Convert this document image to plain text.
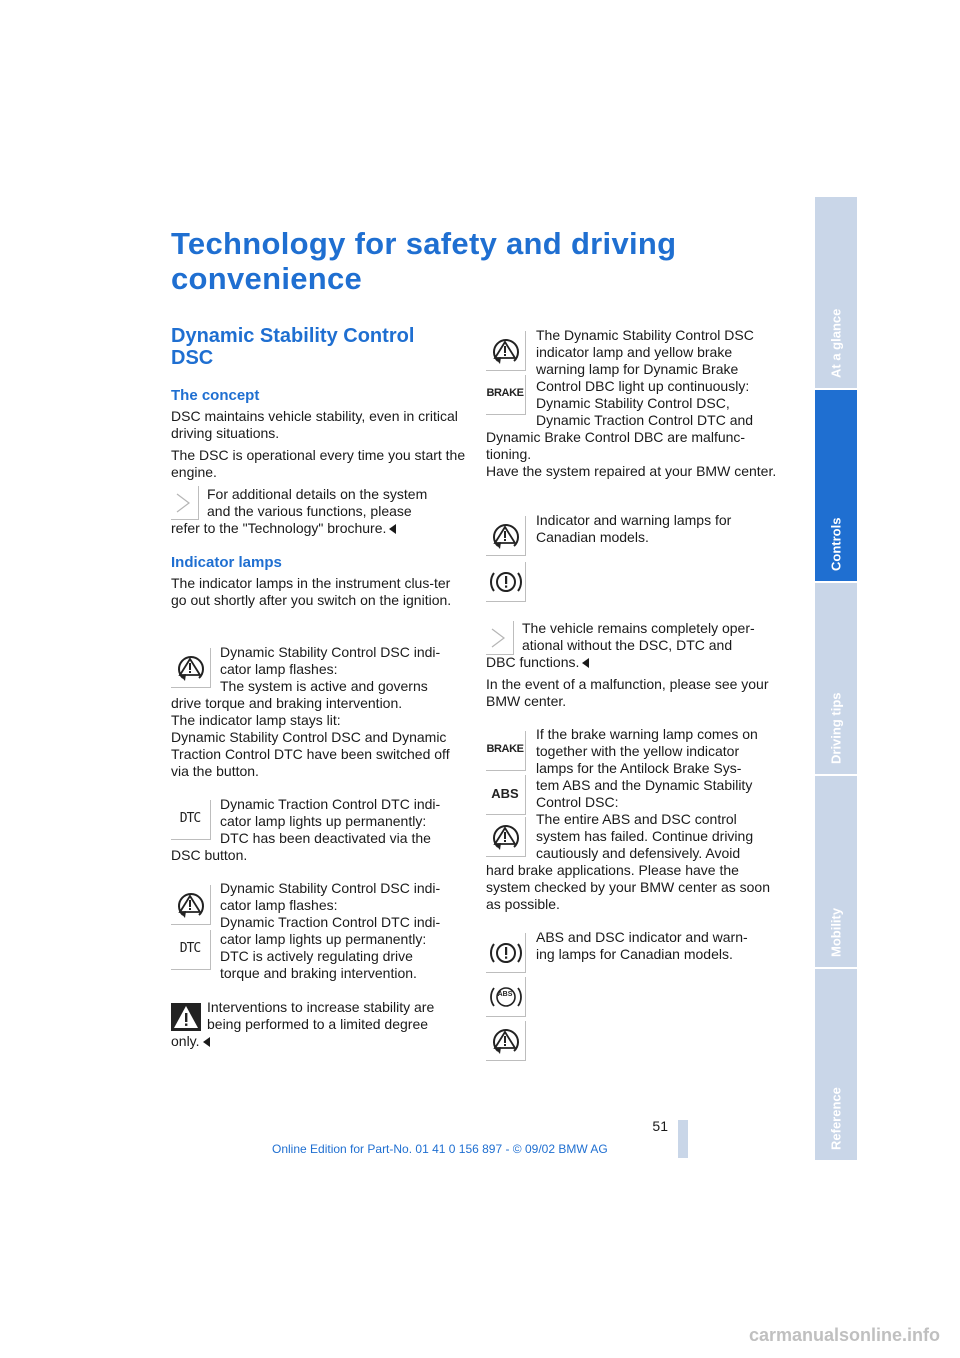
Technology for safety and driving convenience
Dynamic Stability Control DSC
The concept
DSC maintains vehicle stability, even in critical driving situations.
The DSC is operational every time you start the engine.
For additional details on the system
and the various functions, please
refer to the "Technology" brochure.
Indicator lamps
The indicator lamps in the instrument clus-ter go out shortly after you switch on the ignition.
Dynamic Stability Control DSC indi-
cator lamp flashes:
The system is active and governs
drive torque and braking intervention.
The indicator lamp stays lit:
Dynamic Stability Control DSC and Dynamic Traction Control DTC have been switched off via the button.
DTC
Dynamic Traction Control DTC indi-
cator lamp lights up permanently:
DTC has been deactivated via the
DSC button.
DTC
Dynamic Stability Control DSC indi-
cator lamp flashes:
Dynamic Traction Control DTC indi-
cator lamp lights up permanently:
DTC is actively regulating drive
torque and braking intervention.
Interventions to increase stability are
being performed to a limited degree
only.
BRAKE
The Dynamic Stability Control DSC
indicator lamp and yellow brake
warning lamp for Dynamic Brake
Control DBC light up continuously:
Dynamic Stability Control DSC,
Dynamic Traction Control DTC and
Dynamic Brake Control DBC are malfunc-tioning.
Have the system repaired at your BMW center.
Indicator and warning lamps for
Canadian models.
The vehicle remains completely oper-
ational without the DSC, DTC and
DBC functions.
In the event of a malfunction, please see your BMW center.
BRAKE
ABS
If the brake warning lamp comes on
together with the yellow indicator
lamps for the Antilock Brake Sys-
tem ABS and the Dynamic Stability
Control DSC:
The entire ABS and DSC control
system has failed. Continue driving
cautiously and defensively. Avoid
hard brake applications. Please have the system checked by your BMW center as soon as possible.
ABS
ABS and DSC indicator and warn-
ing lamps for Canadian models.
At a glance
Controls
Driving tips
Mobility
Reference
51
Online Edition for Part-No. 01 41 0 156 897 - © 09/02 BMW AG
carmanualsonline.info
